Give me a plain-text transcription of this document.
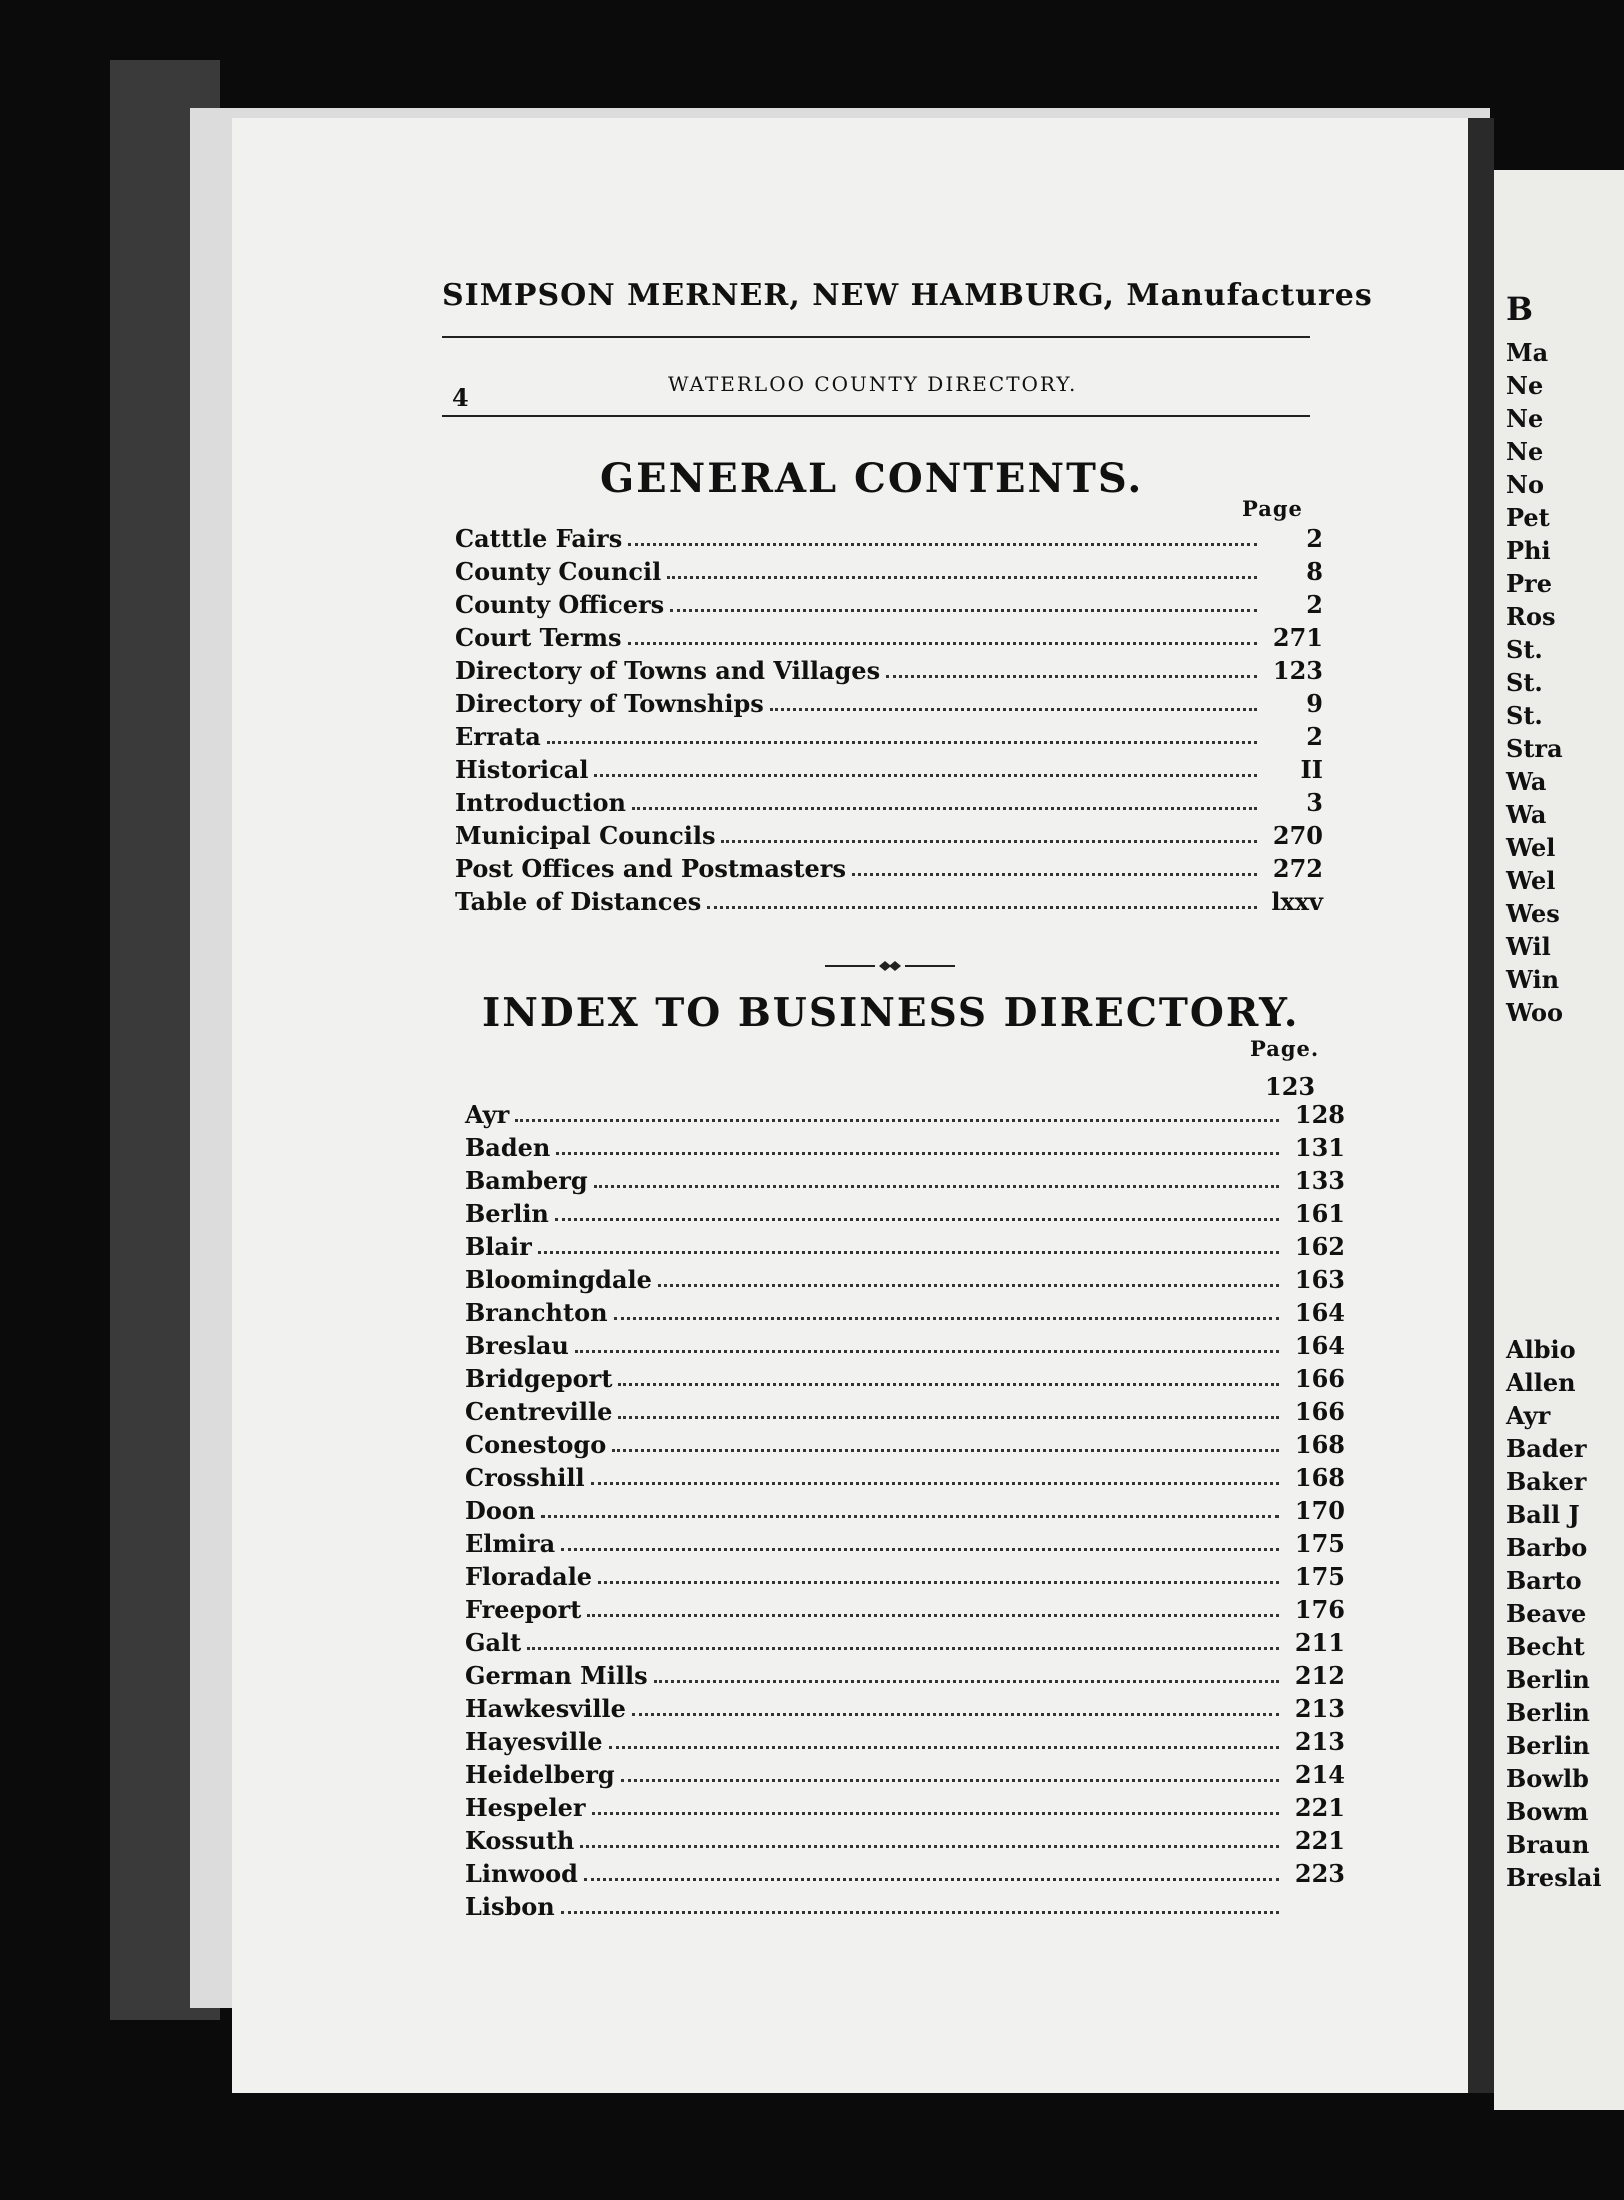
B
Ma
Ne
Ne
Ne
No
Pet
Phi
Pre
Ros
St.
St.
St.
Stra
Wa
Wa
Wel
Wel
Wes
Wil
Win
Woo
Albio
Allen
Ayr
Bader
Baker
Ball J
Barbo
Barto
Beave
Becht
Berlin
Berlin
Berlin
Bowlb
Bowm
Braun
Breslai
SIMPSON MERNER, NEW HAMBURG, Manufactures
4	WATERLOO COUNTY DIRECTORY.
GENERAL CONTENTS.
Page
Catttle Fairs	2
County Council	8
County Officers	2
Court Terms	271
Directory of Towns and Villages	123
Directory of Townships	9
Errata	2
Historical	II
Introduction	3
Municipal Councils	270
Post Offices and Postmasters	272
Table of Distances	lxxv
INDEX TO BUSINESS DIRECTORY.
Page.
123
Ayr	128
Baden	131
Bamberg	133
Berlin	161
Blair	162
Bloomingdale	163
Branchton	164
Breslau	164
Bridgeport	166
Centreville	166
Conestogo	168
Crosshill	168
Doon	170
Elmira	175
Floradale	175
Freeport	176
Galt	211
German Mills	212
Hawkesville	213
Hayesville	213
Heidelberg	214
Hespeler	221
Kossuth	221
Linwood	223
Lisbon
